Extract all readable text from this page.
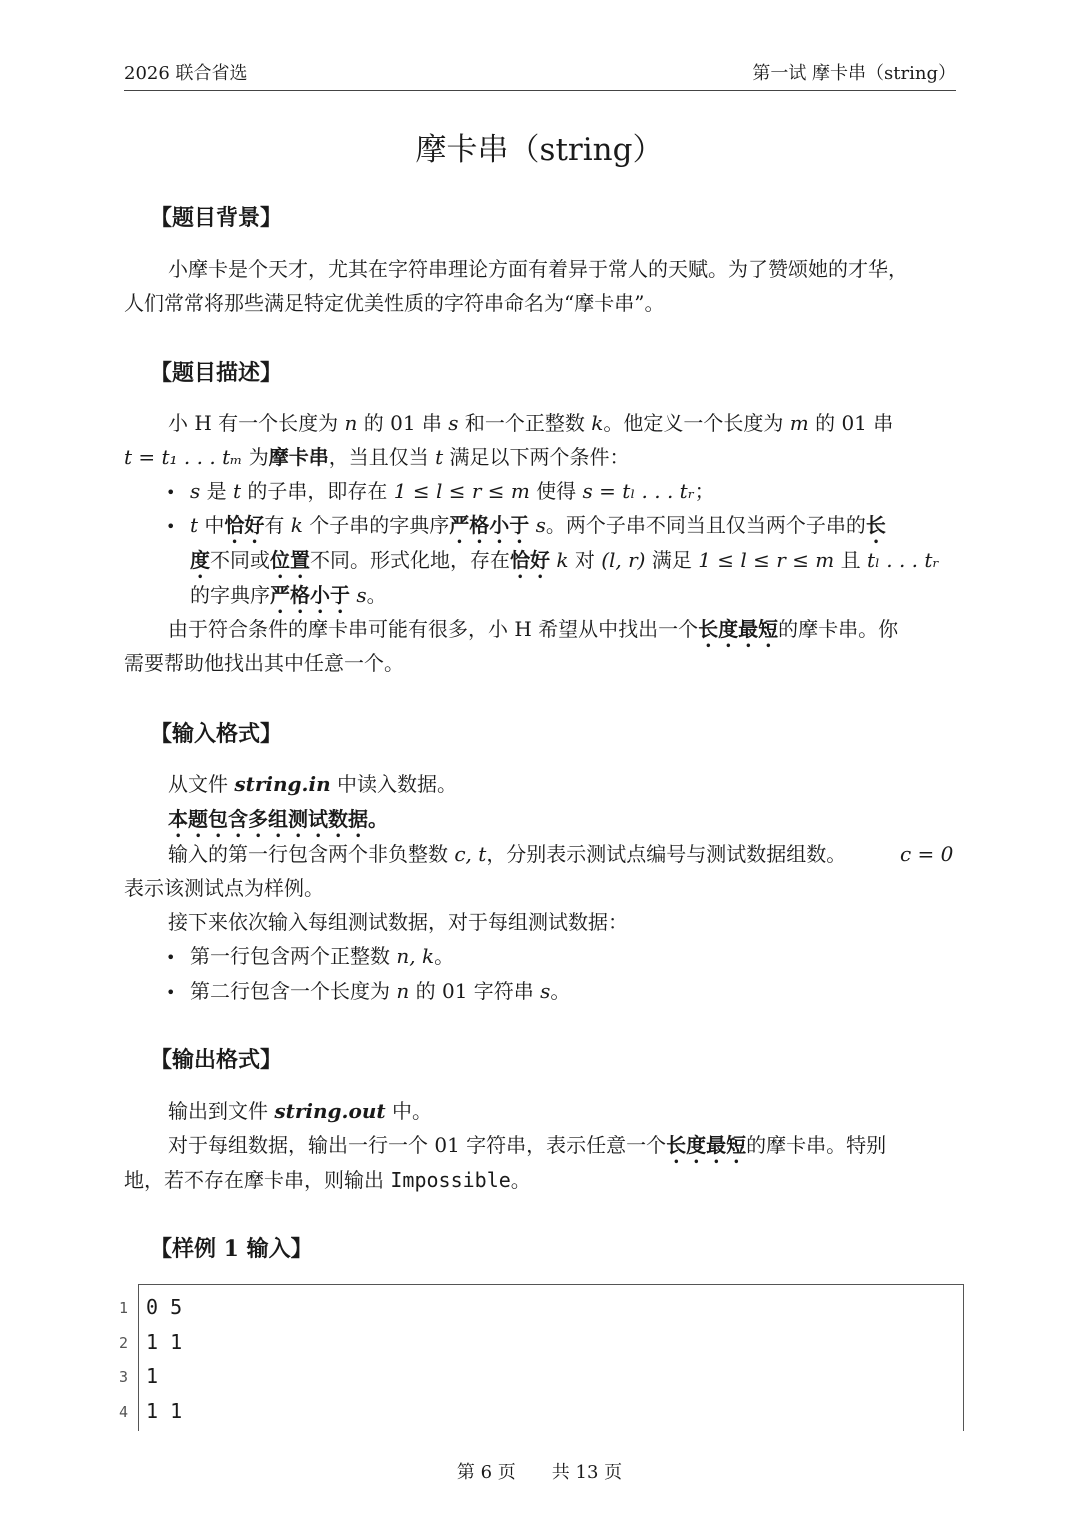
2026 联合省选	第一试 摩卡串（string）
摩卡串（string）
【题目背景】
小摩卡是个天才，尤其在字符串理论方面有着异于常人的天赋。为了赞颂她的才华，
人们常常将那些满足特定优美性质的字符串命名为“摩卡串”。
【题目描述】
小 H 有一个长度为 n 的 01 串 s 和一个正整数 k。他定义一个长度为 m 的 01 串
t = t₁ . . . tₘ 为摩卡串，当且仅当 t 满足以下两个条件：
• s 是 t 的子串，即存在 1 ≤ l ≤ r ≤ m 使得 s = tₗ . . . tᵣ；
• t 中恰好有 k 个子串的字典序严格小于 s。两个子串不同当且仅当两个子串的长
度不同或位置不同。形式化地，存在恰好 k 对 (l, r) 满足 1 ≤ l ≤ r ≤ m 且 tₗ . . . tᵣ
的字典序严格小于 s。
由于符合条件的摩卡串可能有很多，小 H 希望从中找出一个长度最短的摩卡串。你
需要帮助他找出其中任意一个。
【输入格式】
从文件 string.in 中读入数据。
本题包含多组测试数据。
输入的第一行包含两个非负整数 c, t，分别表示测试点编号与测试数据组数。	c = 0
表示该测试点为样例。
接下来依次输入每组测试数据，对于每组测试数据：
• 第一行包含两个正整数 n, k。
• 第二行包含一个长度为 n 的 01 字符串 s。
【输出格式】
输出到文件 string.out 中。
对于每组数据，输出一行一个 01 字符串，表示任意一个长度最短的摩卡串。特别
地，若不存在摩卡串，则输出 Impossible。
【样例 1 输入】
1 0 5
2 1 1
3 1
4 1 1
第 6 页 共 13 页
